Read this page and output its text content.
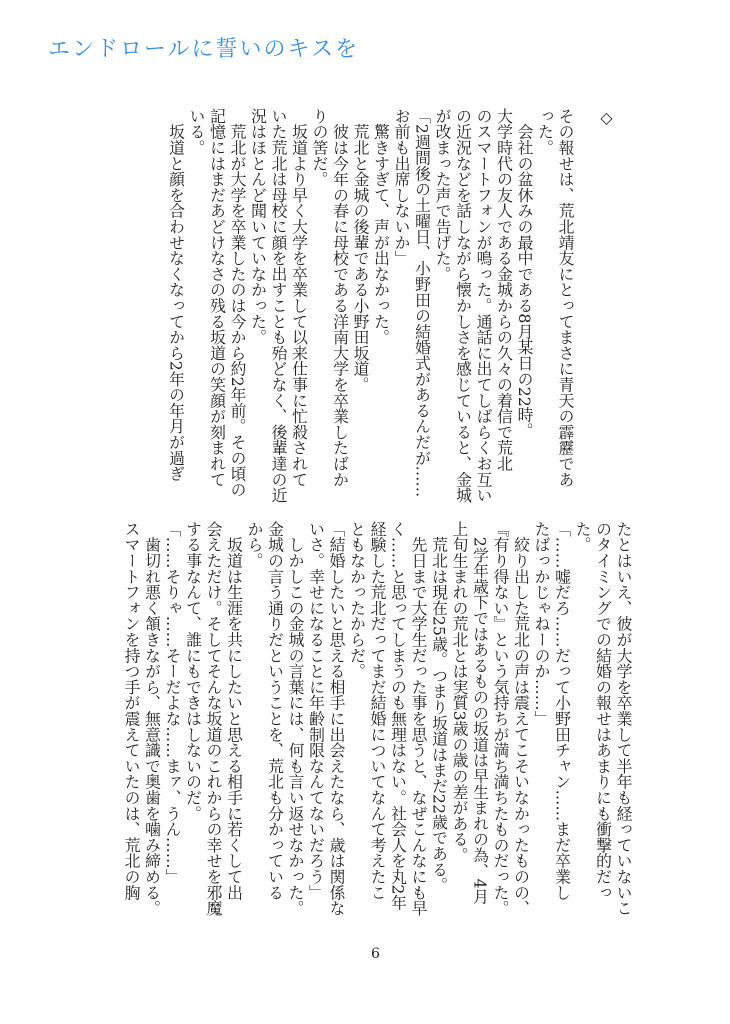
エンドロールに誓いのキスを
◇

その報せは、荒北靖友にとってまさに青天の霹靂であ
った。
　会社の盆休みの最中である8月某日の22時。
大学時代の友人である金城からの久々の着信で荒北
のスマートフォンが鳴った。通話に出てしばらくお互い
の近況などを話しながら懐かしさを感じていると、金城
が改まった声で告げた。
「2週間後の土曜日、小野田の結婚式があるんだが……
お前も出席しないか」
　驚きすぎて、声が出なかった。
　荒北と金城の後輩である小野田坂道。
　彼は今年の春に母校である洋南大学を卒業したばか
りの筈だ。
　坂道より早く大学を卒業して以来仕事に忙殺されて
いた荒北は母校に顔を出すことも殆どなく、後輩達の近
況はほとんど聞いていなかった。
　荒北が大学を卒業したのは今から約2年前。その頃の
記憶にはまだあどけなさの残る坂道の笑顔が刻まれて
いる。
　坂道と顔を合わせなくなってから2年の年月が過ぎ
たとはいえ、彼が大学を卒業して半年も経っていないこ
のタイミングでの結婚の報せはあまりにも衝撃的だっ
た。
「……嘘だろ……だって小野田チャン……まだ卒業し
たばっかじゃねーのか……」
　絞り出した荒北の声は震えてこそいなかったものの、
『有り得ない』という気持ちが満ち満ちたものだった。
　2学年歳下ではあるものの坂道は早生まれの為、4月
上旬生まれの荒北とは実質3歳の歳の差がある。
　荒北は現在25歳。つまり坂道はまだ22歳である。
　先日まで大学生だった事を思うと、なぜこんなにも早
く……と思ってしまうのも無理はない。社会人を丸2年
経験した荒北だってまだ結婚についてなんて考えたこ
ともなかったからだ。
「結婚したいと思える相手に出会えたなら、歳は関係な
いさ。幸せになることに年齢制限なんてないだろう」
　しかしこの金城の言葉には、何も言い返せなかった。
金城の言う通りだということを、荒北も分かっている
から。
　坂道は生涯を共にしたいと思える相手に若くして出
会えただけ。そしてそんな坂道のこれからの幸せを邪魔
する事なんて、誰にもできはしないのだ。
「……そりゃ……そーだよな……まァ、うん……」
　歯切れ悪く頷きながら、無意識で奥歯を噛み締める。
スマートフォンを持つ手が震えていたのは、荒北の胸
6
